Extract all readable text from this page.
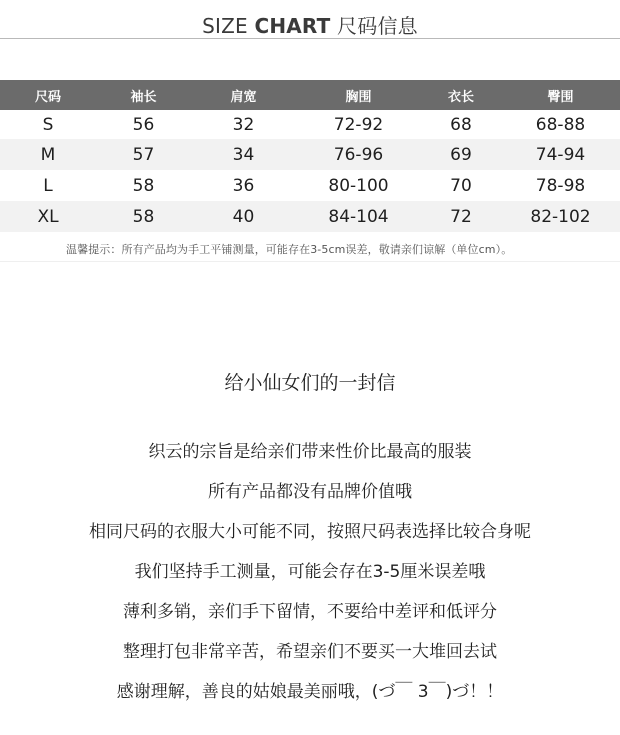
SIZE CHART 尺码信息
尺码	袖长	肩宽	胸围	衣长	臀围
S	56	32	72-92	68	68-88
M	57	34	76-96	69	74-94
L	58	36	80-100	70	78-98
XL	58	40	84-104	72	82-102
温馨提示：所有产品均为手工平铺测量，可能存在3-5cm误差，敬请亲们谅解（单位cm）。
给小仙女们的一封信
织云的宗旨是给亲们带来性价比最高的服装
所有产品都没有品牌价值哦
相同尺码的衣服大小可能不同，按照尺码表选择比较合身呢
我们坚持手工测量，可能会存在3-5厘米误差哦
薄利多销，亲们手下留情，不要给中差评和低评分
整理打包非常辛苦，希望亲们不要买一大堆回去试
感谢理解，善良的姑娘最美丽哦，(づ￣ 3￣)づ！！
